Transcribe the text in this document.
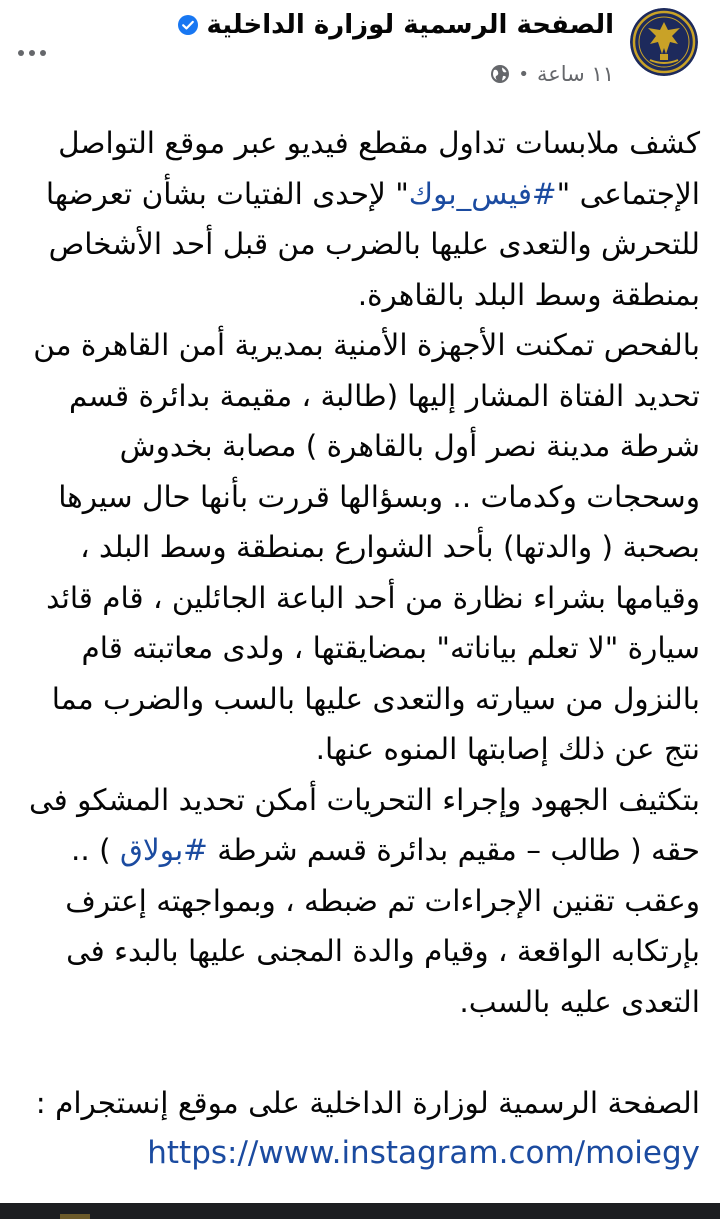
الصفحة الرسمية لوزارة الداخلية
١١ ساعة
•

كشف ملابسات تداول مقطع فيديو عبر موقع التواصل الإجتماعى "#فيس_بوك" لإحدى الفتيات بشأن تعرضها للتحرش والتعدى عليها بالضرب من قبل أحد الأشخاص بمنطقة وسط البلد بالقاهرة.

بالفحص تمكنت الأجهزة الأمنية بمديرية أمن القاهرة من تحديد الفتاة المشار إليها (طالبة ، مقيمة بدائرة قسم شرطة مدينة نصر أول بالقاهرة ) مصابة بخدوش وسحجات وكدمات .. وبسؤالها قررت بأنها حال سيرها بصحبة ( والدتها) بأحد الشوارع بمنطقة وسط البلد ، وقيامها بشراء نظارة من أحد الباعة الجائلين ، قام قائد سيارة "لا تعلم بياناته" بمضايقتها ، ولدى معاتبته قام بالنزول من سيارته والتعدى عليها بالسب والضرب مما نتج عن ذلك إصابتها المنوه عنها.

بتكثيف الجهود وإجراء التحريات أمكن تحديد المشكو فى حقه ( طالب – مقيم بدائرة قسم شرطة #بولاق ) .. وعقب تقنين الإجراءات تم ضبطه ، وبمواجهته إعترف بإرتكابه الواقعة ، وقيام والدة المجنى عليها بالبدء فى التعدى عليه بالسب.

الصفحة الرسمية لوزارة الداخلية على موقع إنستجرام :

https://www.instagram.com/moiegy
